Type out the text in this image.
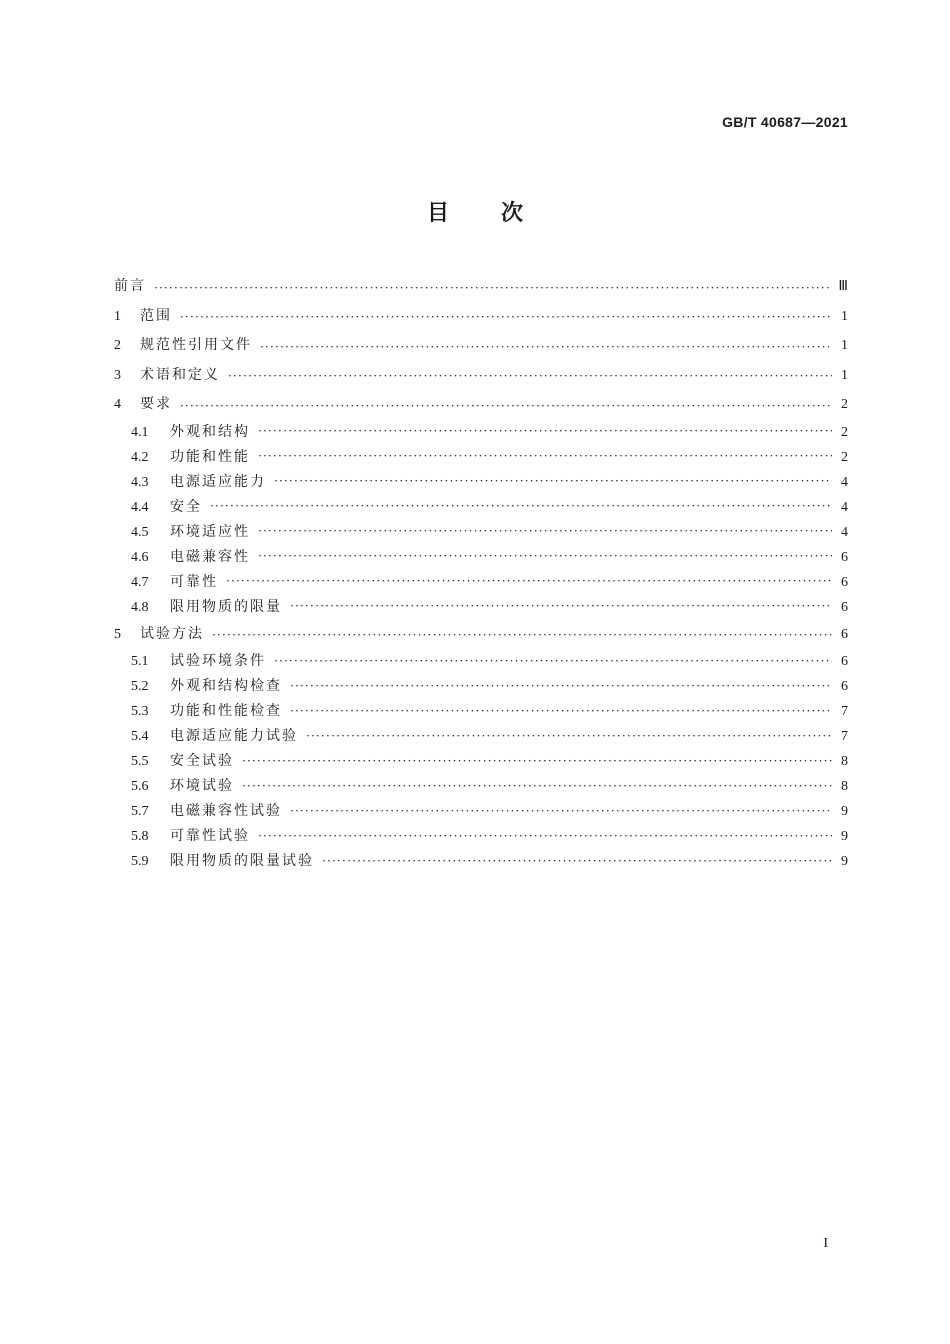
GB/T 40687—2021
目次
前言 ·····	Ⅲ
1	范围 ·····	1
2	规范性引用文件 ·····	1
3	术语和定义 ·····	1
4	要求 ·····	2
4.1	外观和结构 ·····	2
4.2	功能和性能 ·····	2
4.3	电源适应能力 ·····	4
4.4	安全 ·····	4
4.5	环境适应性 ·····	4
4.6	电磁兼容性 ·····	6
4.7	可靠性 ·····	6
4.8	限用物质的限量 ·····	6
5	试验方法 ·····	6
5.1	试验环境条件 ·····	6
5.2	外观和结构检查 ·····	6
5.3	功能和性能检查 ·····	7
5.4	电源适应能力试验 ·····	7
5.5	安全试验 ·····	8
5.6	环境试验 ·····	8
5.7	电磁兼容性试验 ·····	9
5.8	可靠性试验 ·····	9
5.9	限用物质的限量试验 ·····	9
I
